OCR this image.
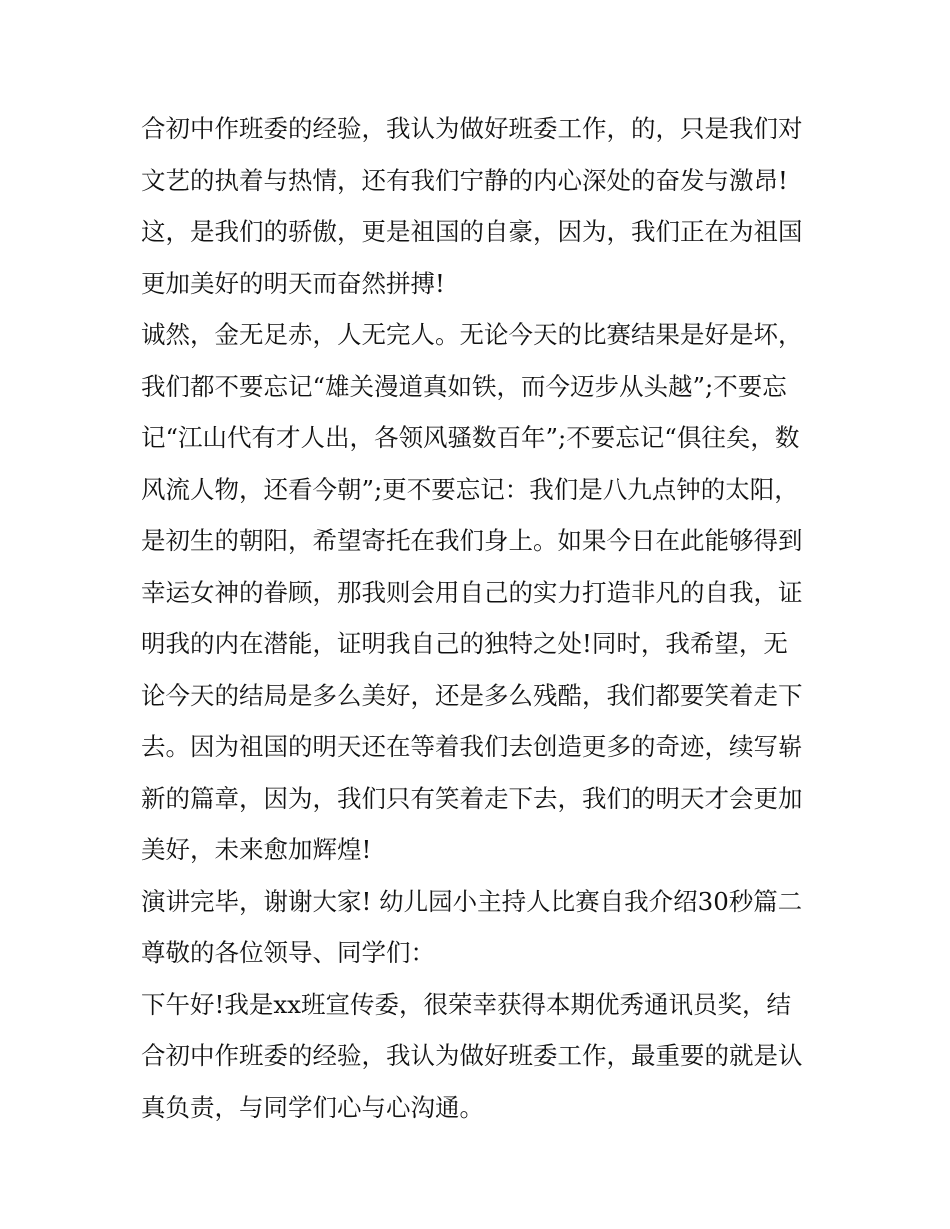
合初中作班委的经验，我认为做好班委工作，的，只是我们对
文艺的执着与热情，还有我们宁静的内心深处的奋发与激昂!
这，是我们的骄傲，更是祖国的自豪，因为，我们正在为祖国
更加美好的明天而奋然拼搏!
诚然，金无足赤，人无完人。无论今天的比赛结果是好是坏，
我们都不要忘记“雄关漫道真如铁，而今迈步从头越”;不要忘
记“江山代有才人出，各领风骚数百年”;不要忘记“俱往矣，数
风流人物，还看今朝”;更不要忘记：我们是八九点钟的太阳，
是初生的朝阳，希望寄托在我们身上。如果今日在此能够得到
幸运女神的眷顾，那我则会用自己的实力打造非凡的自我，证
明我的内在潜能，证明我自己的独特之处!同时，我希望，无
论今天的结局是多么美好，还是多么残酷，我们都要笑着走下
去。因为祖国的明天还在等着我们去创造更多的奇迹，续写崭
新的篇章，因为，我们只有笑着走下去，我们的明天才会更加
美好，未来愈加辉煌!
演讲完毕，谢谢大家! 幼儿园小主持人比赛自我介绍30秒篇二
尊敬的各位领导、同学们：
下午好!我是xx班宣传委，很荣幸获得本期优秀通讯员奖，结
合初中作班委的经验，我认为做好班委工作，最重要的就是认
真负责，与同学们心与心沟通。
